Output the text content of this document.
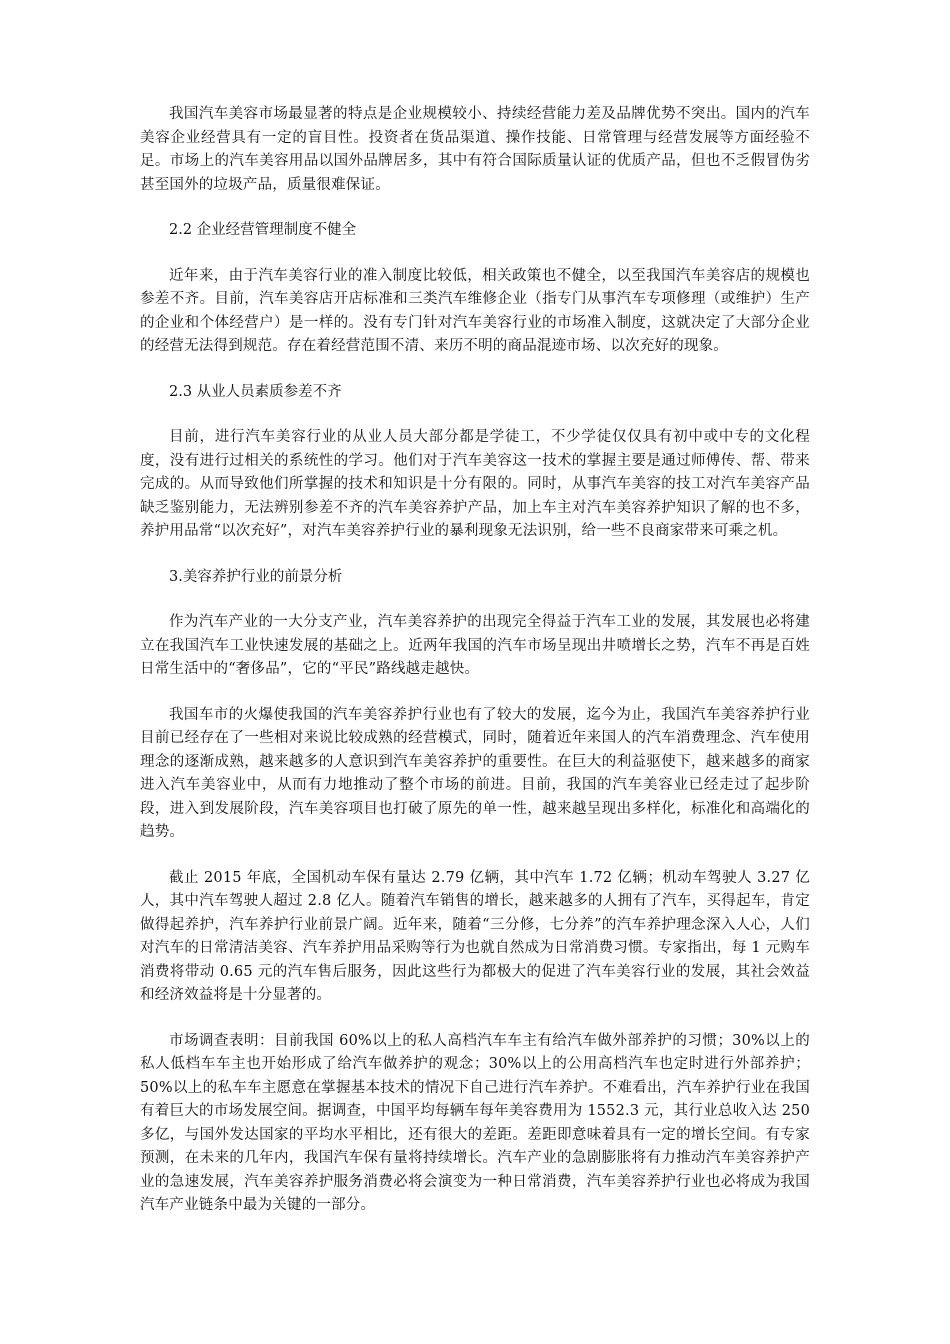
我国汽车美容市场最显著的特点是企业规模较小、持续经营能力差及品牌优势不突出。国内的汽车美容企业经营具有一定的盲目性。投资者在货品渠道、操作技能、日常管理与经营发展等方面经验不足。市场上的汽车美容用品以国外品牌居多，其中有符合国际质量认证的优质产品，但也不乏假冒伪劣甚至国外的垃圾产品，质量很难保证。

2.2 企业经营管理制度不健全

近年来，由于汽车美容行业的准入制度比较低，相关政策也不健全，以至我国汽车美容店的规模也参差不齐。目前，汽车美容店开店标准和三类汽车维修企业（指专门从事汽车专项修理（或维护）生产的企业和个体经营户）是一样的。没有专门针对汽车美容行业的市场准入制度，这就决定了大部分企业的经营无法得到规范。存在着经营范围不清、来历不明的商品混迹市场、以次充好的现象。

2.3 从业人员素质参差不齐

目前，进行汽车美容行业的从业人员大部分都是学徒工，不少学徒仅仅具有初中或中专的文化程度，没有进行过相关的系统性的学习。他们对于汽车美容这一技术的掌握主要是通过师傅传、帮、带来完成的。从而导致他们所掌握的技术和知识是十分有限的。同时，从事汽车美容的技工对汽车美容产品缺乏鉴别能力，无法辨别参差不齐的汽车美容养护产品，加上车主对汽车美容养护知识了解的也不多，养护用品常“以次充好”，对汽车美容养护行业的暴利现象无法识别，给一些不良商家带来可乘之机。

3.美容养护行业的前景分析

作为汽车产业的一大分支产业，汽车美容养护的出现完全得益于汽车工业的发展，其发展也必将建立在我国汽车工业快速发展的基础之上。近两年我国的汽车市场呈现出井喷增长之势，汽车不再是百姓日常生活中的“奢侈品”，它的“平民”路线越走越快。

我国车市的火爆使我国的汽车美容养护行业也有了较大的发展，迄今为止，我国汽车美容养护行业目前已经存在了一些相对来说比较成熟的经营模式，同时，随着近年来国人的汽车消费理念、汽车使用理念的逐渐成熟，越来越多的人意识到汽车美容养护的重要性。在巨大的利益驱使下，越来越多的商家进入汽车美容业中，从而有力地推动了整个市场的前进。目前，我国的汽车美容业已经走过了起步阶段，进入到发展阶段，汽车美容项目也打破了原先的单一性，越来越呈现出多样化，标准化和高端化的趋势。

截止 2015 年底，全国机动车保有量达 2.79 亿辆，其中汽车 1.72 亿辆；机动车驾驶人 3.27 亿人，其中汽车驾驶人超过 2.8 亿人。随着汽车销售的增长，越来越多的人拥有了汽车，买得起车，肯定做得起养护，汽车养护行业前景广阔。近年来，随着“三分修，七分养”的汽车养护理念深入人心，人们对汽车的日常清洁美容、汽车养护用品采购等行为也就自然成为日常消费习惯。专家指出，每 1 元购车消费将带动 0.65 元的汽车售后服务，因此这些行为都极大的促进了汽车美容行业的发展，其社会效益和经济效益将是十分显著的。

市场调查表明：目前我国 60%以上的私人高档汽车车主有给汽车做外部养护的习惯；30%以上的私人低档车车主也开始形成了给汽车做养护的观念；30%以上的公用高档汽车也定时进行外部养护；50%以上的私车车主愿意在掌握基本技术的情况下自己进行汽车养护。不难看出，汽车养护行业在我国有着巨大的市场发展空间。据调查，中国平均每辆车每年美容费用为 1552.3 元，其行业总收入达 250 多亿，与国外发达国家的平均水平相比，还有很大的差距。差距即意味着具有一定的增长空间。有专家预测，在未来的几年内，我国汽车保有量将持续增长。汽车产业的急剧膨胀将有力推动汽车美容养护产业的急速发展，汽车美容养护服务消费必将会演变为一种日常消费，汽车美容养护行业也必将成为我国汽车产业链条中最为关键的一部分。
